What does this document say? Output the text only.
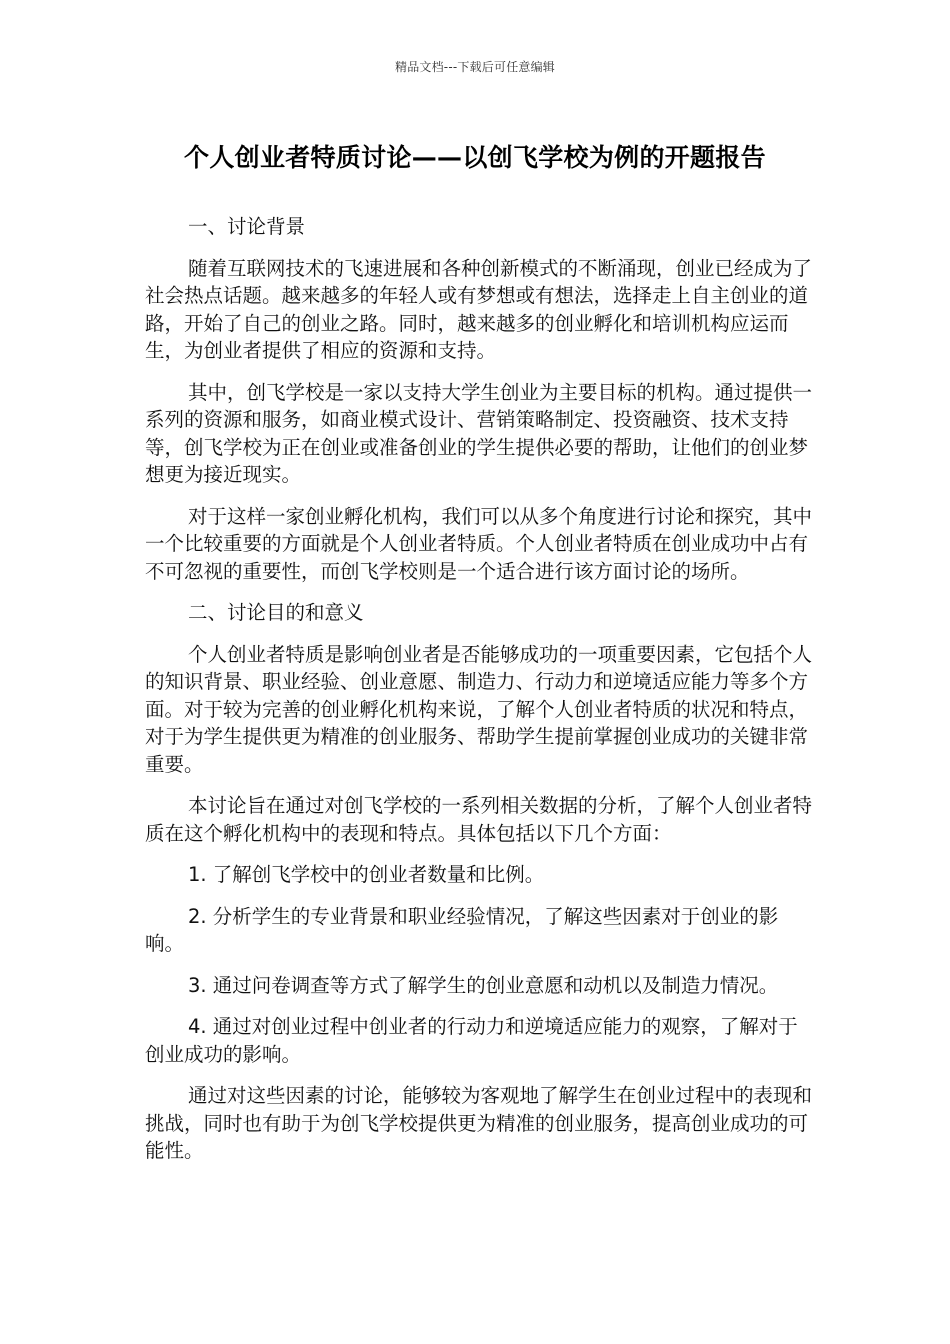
精品文档---下载后可任意编辑
个人创业者特质讨论——以创飞学校为例的开题报告

一、讨论背景

随着互联网技术的飞速进展和各种创新模式的不断涌现，创业已经成为了社会热点话题。越来越多的年轻人或有梦想或有想法，选择走上自主创业的道路，开始了自己的创业之路。同时，越来越多的创业孵化和培训机构应运而生，为创业者提供了相应的资源和支持。

其中，创飞学校是一家以支持大学生创业为主要目标的机构。通过提供一系列的资源和服务，如商业模式设计、营销策略制定、投资融资、技术支持等，创飞学校为正在创业或准备创业的学生提供必要的帮助，让他们的创业梦想更为接近现实。

对于这样一家创业孵化机构，我们可以从多个角度进行讨论和探究，其中一个比较重要的方面就是个人创业者特质。个人创业者特质在创业成功中占有不可忽视的重要性，而创飞学校则是一个适合进行该方面讨论的场所。

二、讨论目的和意义

个人创业者特质是影响创业者是否能够成功的一项重要因素，它包括个人的知识背景、职业经验、创业意愿、制造力、行动力和逆境适应能力等多个方面。对于较为完善的创业孵化机构来说，了解个人创业者特质的状况和特点，对于为学生提供更为精准的创业服务、帮助学生提前掌握创业成功的关键非常重要。

本讨论旨在通过对创飞学校的一系列相关数据的分析，了解个人创业者特质在这个孵化机构中的表现和特点。具体包括以下几个方面：

1. 了解创飞学校中的创业者数量和比例。

2. 分析学生的专业背景和职业经验情况，了解这些因素对于创业的影响。

3. 通过问卷调查等方式了解学生的创业意愿和动机以及制造力情况。

4. 通过对创业过程中创业者的行动力和逆境适应能力的观察，了解对于创业成功的影响。

通过对这些因素的讨论，能够较为客观地了解学生在创业过程中的表现和挑战，同时也有助于为创飞学校提供更为精准的创业服务，提高创业成功的可能性。
